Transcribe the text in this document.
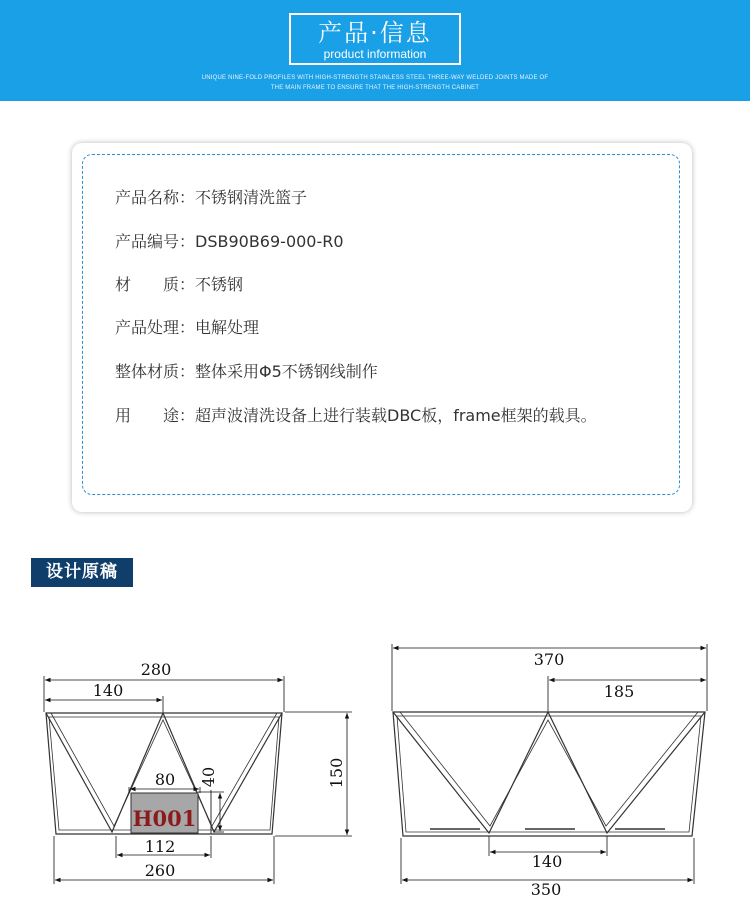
产品·信息
product information
UNIQUE NINE-FOLD PROFILES WITH HIGH-STRENGTH STAINLESS STEEL THREE-WAY WELDED JOINTS MADE OF
THE MAIN FRAME TO ENSURE THAT THE HIGH-STRENGTH CABINET
产品名称：不锈钢清洗篮子
产品编号：DSB90B69-000-R0
材　　质：不锈钢
产品处理：电解处理
整体材质：整体采用Φ5不锈钢线制作
用　　途：超声波清洗设备上进行装载DBC板，frame框架的载具。
设计原稿
H001
280
140
150
80 40
112
260
370
185
140
350
